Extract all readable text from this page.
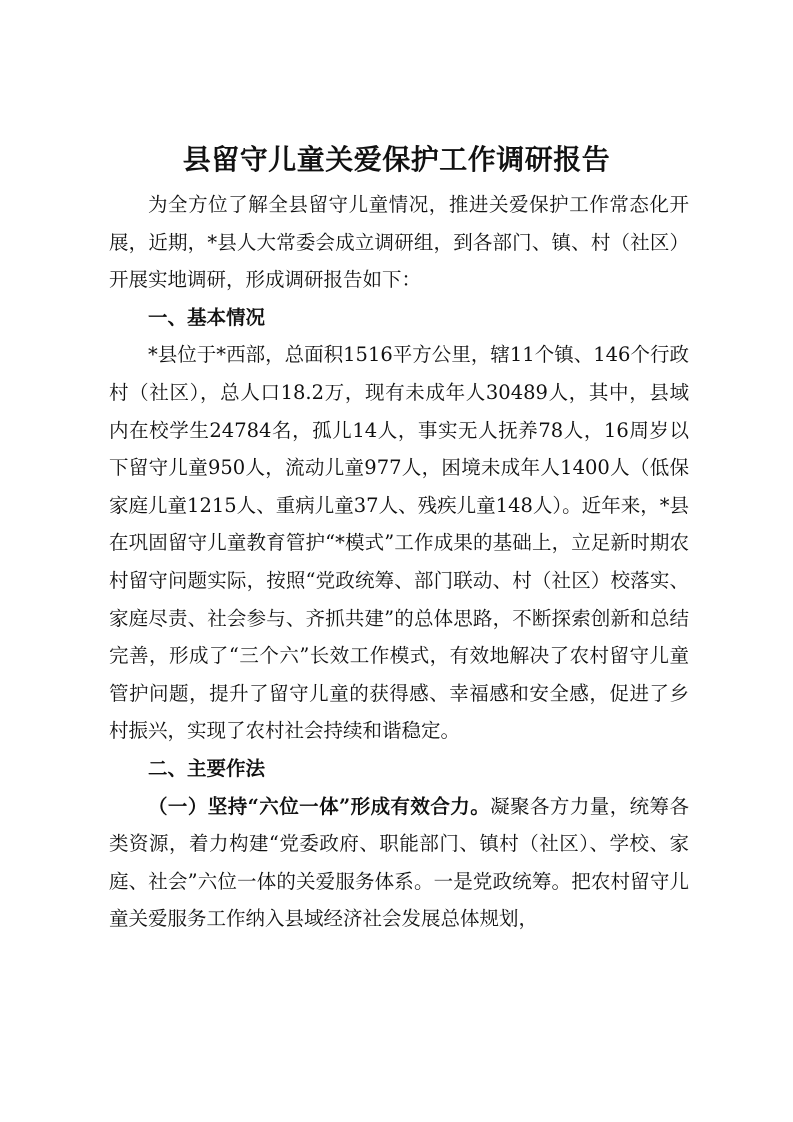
县留守儿童关爱保护工作调研报告

为全方位了解全县留守儿童情况，推进关爱保护工作常态化开展，近期，*县人大常委会成立调研组，到各部门、镇、村（社区）开展实地调研，形成调研报告如下：

一、基本情况

*县位于*西部，总面积1516平方公里，辖11个镇、146个行政村（社区），总人口18.2万，现有未成年人30489人，其中，县域内在校学生24784名，孤儿14人，事实无人抚养78人，16周岁以下留守儿童950人，流动儿童977人，困境未成年人1400人（低保家庭儿童1215人、重病儿童37人、残疾儿童148人）。近年来，*县在巩固留守儿童教育管护“*模式”工作成果的基础上，立足新时期农村留守问题实际，按照“党政统筹、部门联动、村（社区）校落实、家庭尽责、社会参与、齐抓共建”的总体思路，不断探索创新和总结完善，形成了“三个六”长效工作模式，有效地解决了农村留守儿童管护问题，提升了留守儿童的获得感、幸福感和安全感，促进了乡村振兴，实现了农村社会持续和谐稳定。

二、主要作法

（一）坚持“六位一体”形成有效合力。凝聚各方力量，统筹各类资源，着力构建“党委政府、职能部门、镇村（社区）、学校、家庭、社会”六位一体的关爱服务体系。一是党政统筹。把农村留守儿童关爱服务工作纳入县域经济社会发展总体规划，
